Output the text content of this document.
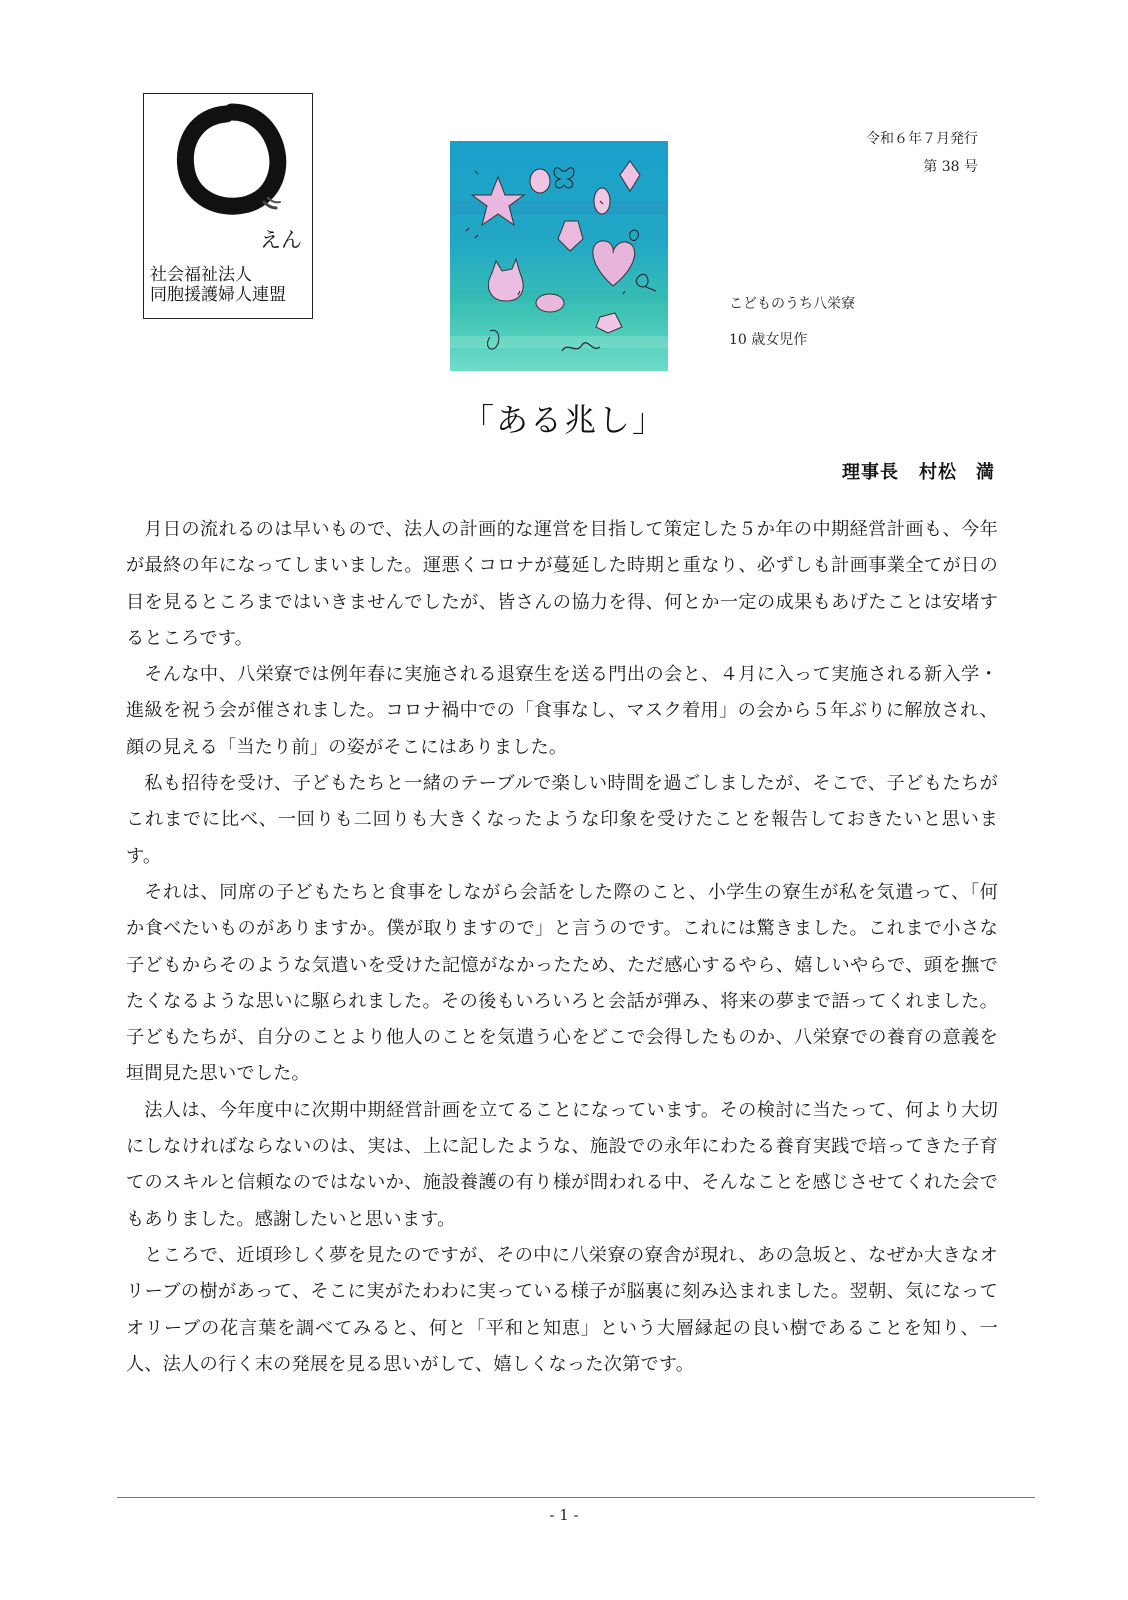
えん
社会福祉法人
同胞援護婦人連盟
令和６年７月発行
第 38 号
こどものうち八栄寮
10 歳女児作
「ある兆し」
理事長 村松　満

月日の流れるのは早いもので、法人の計画的な運営を目指して策定した５か年の中期経営計画も、今年が最終の年になってしまいました。運悪くコロナが蔓延した時期と重なり、必ずしも計画事業全てが日の目を見るところまではいきませんでしたが、皆さんの協力を得、何とか一定の成果もあげたことは安堵するところです。

そんな中、八栄寮では例年春に実施される退寮生を送る門出の会と、４月に入って実施される新入学・進級を祝う会が催されました。コロナ禍中での「食事なし、マスク着用」の会から５年ぶりに解放され、顔の見える「当たり前」の姿がそこにはありました。

私も招待を受け、子どもたちと一緒のテーブルで楽しい時間を過ごしましたが、そこで、子どもたちがこれまでに比べ、一回りも二回りも大きくなったような印象を受けたことを報告しておきたいと思います。

それは、同席の子どもたちと食事をしながら会話をした際のこと、小学生の寮生が私を気遣って、「何か食べたいものがありますか。僕が取りますので」と言うのです。これには驚きました。これまで小さな子どもからそのような気遣いを受けた記憶がなかったため、ただ感心するやら、嬉しいやらで、頭を撫でたくなるような思いに駆られました。その後もいろいろと会話が弾み、将来の夢まで語ってくれました。子どもたちが、自分のことより他人のことを気遣う心をどこで会得したものか、八栄寮での養育の意義を垣間見た思いでした。

法人は、今年度中に次期中期経営計画を立てることになっています。その検討に当たって、何より大切にしなければならないのは、実は、上に記したような、施設での永年にわたる養育実践で培ってきた子育てのスキルと信頼なのではないか、施設養護の有り様が問われる中、そんなことを感じさせてくれた会でもありました。感謝したいと思います。

ところで、近頃珍しく夢を見たのですが、その中に八栄寮の寮舎が現れ、あの急坂と、なぜか大きなオリーブの樹があって、そこに実がたわわに実っている様子が脳裏に刻み込まれました。翌朝、気になってオリーブの花言葉を調べてみると、何と「平和と知恵」という大層縁起の良い樹であることを知り、一人、法人の行く末の発展を見る思いがして、嬉しくなった次第です。

- 1 -
